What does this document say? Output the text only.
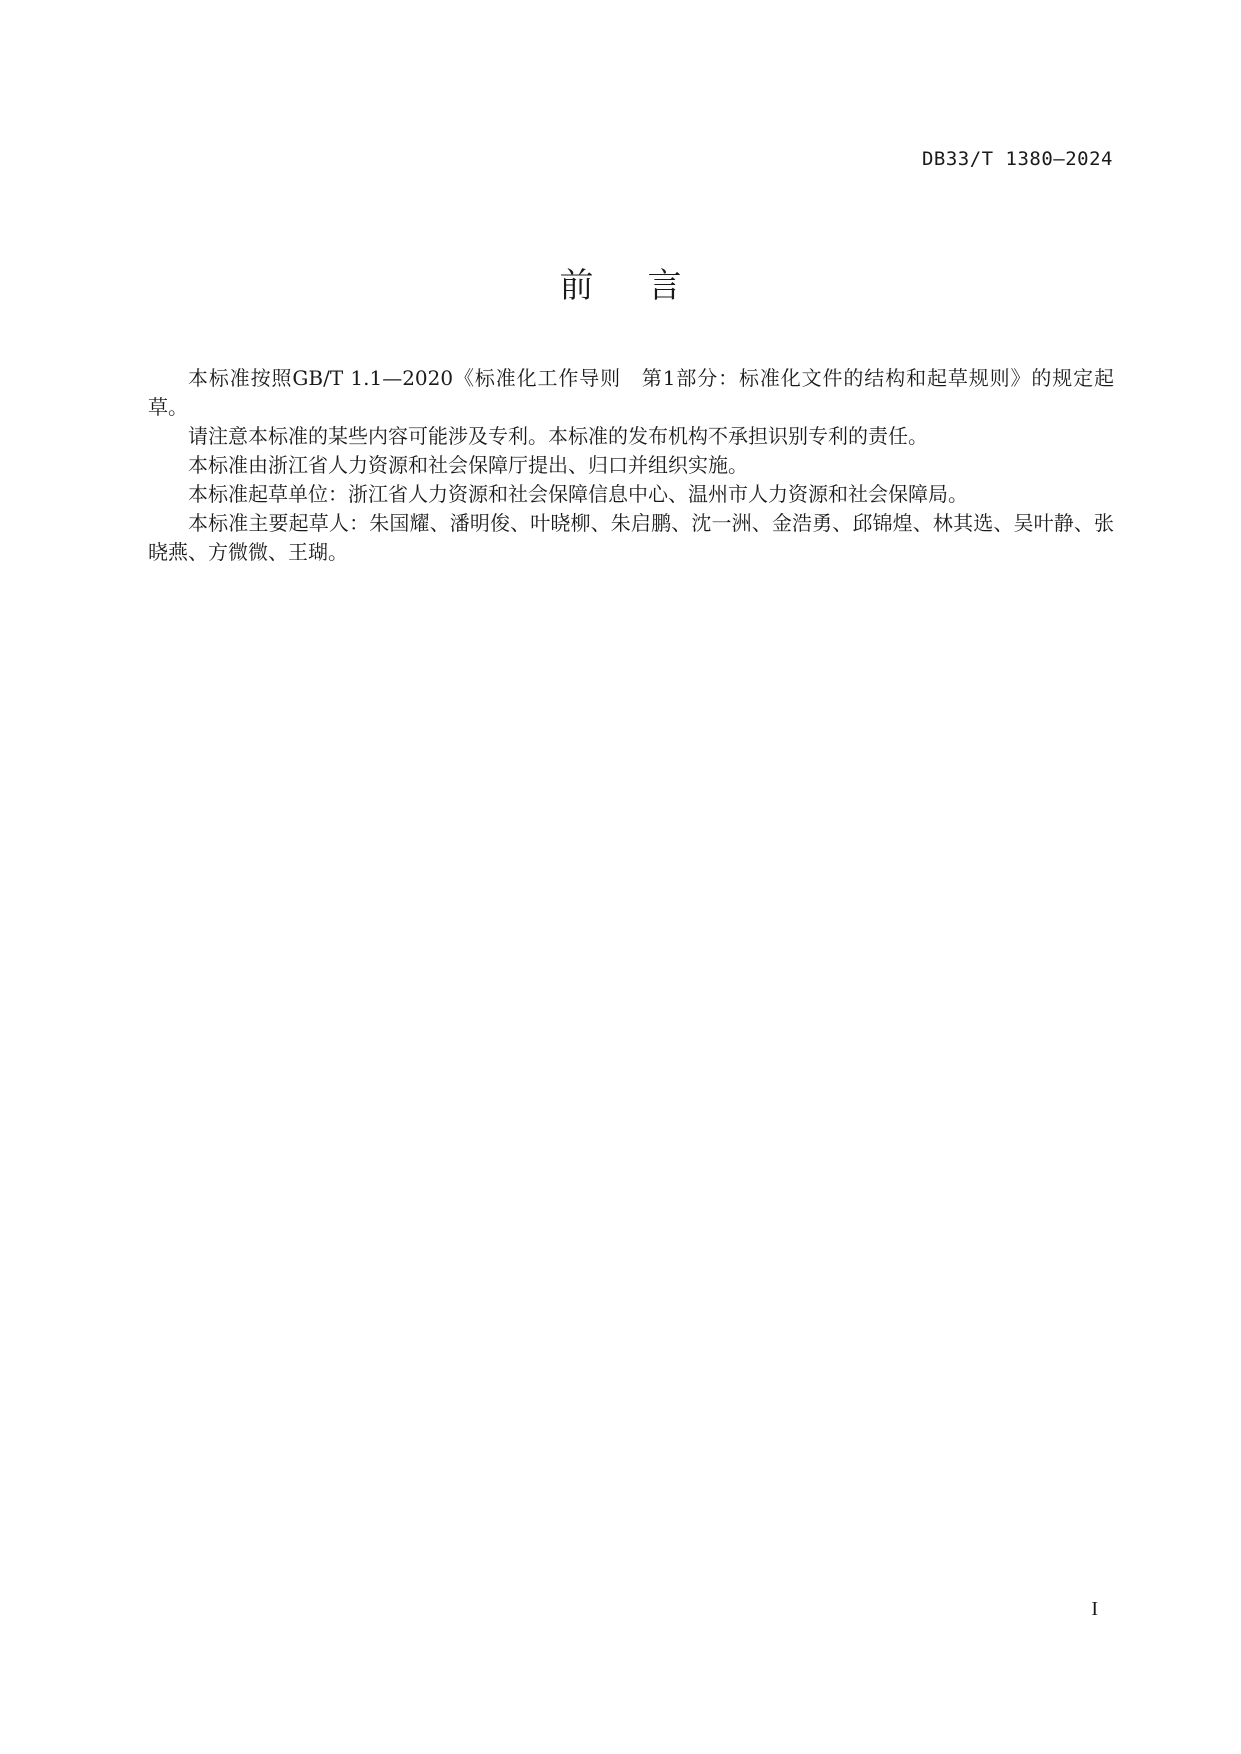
DB33/T 1380—2024
前言

本标准按照GB/T 1.1—2020《标准化工作导则　第1部分：标准化文件的结构和起草规则》的规定起草。

请注意本标准的某些内容可能涉及专利。本标准的发布机构不承担识别专利的责任。

本标准由浙江省人力资源和社会保障厅提出、归口并组织实施。

本标准起草单位：浙江省人力资源和社会保障信息中心、温州市人力资源和社会保障局。

本标准主要起草人：朱国耀、潘明俊、叶晓柳、朱启鹏、沈一洲、金浩勇、邱锦煌、林其选、吴叶静、张晓燕、方微微、王瑚。

I
